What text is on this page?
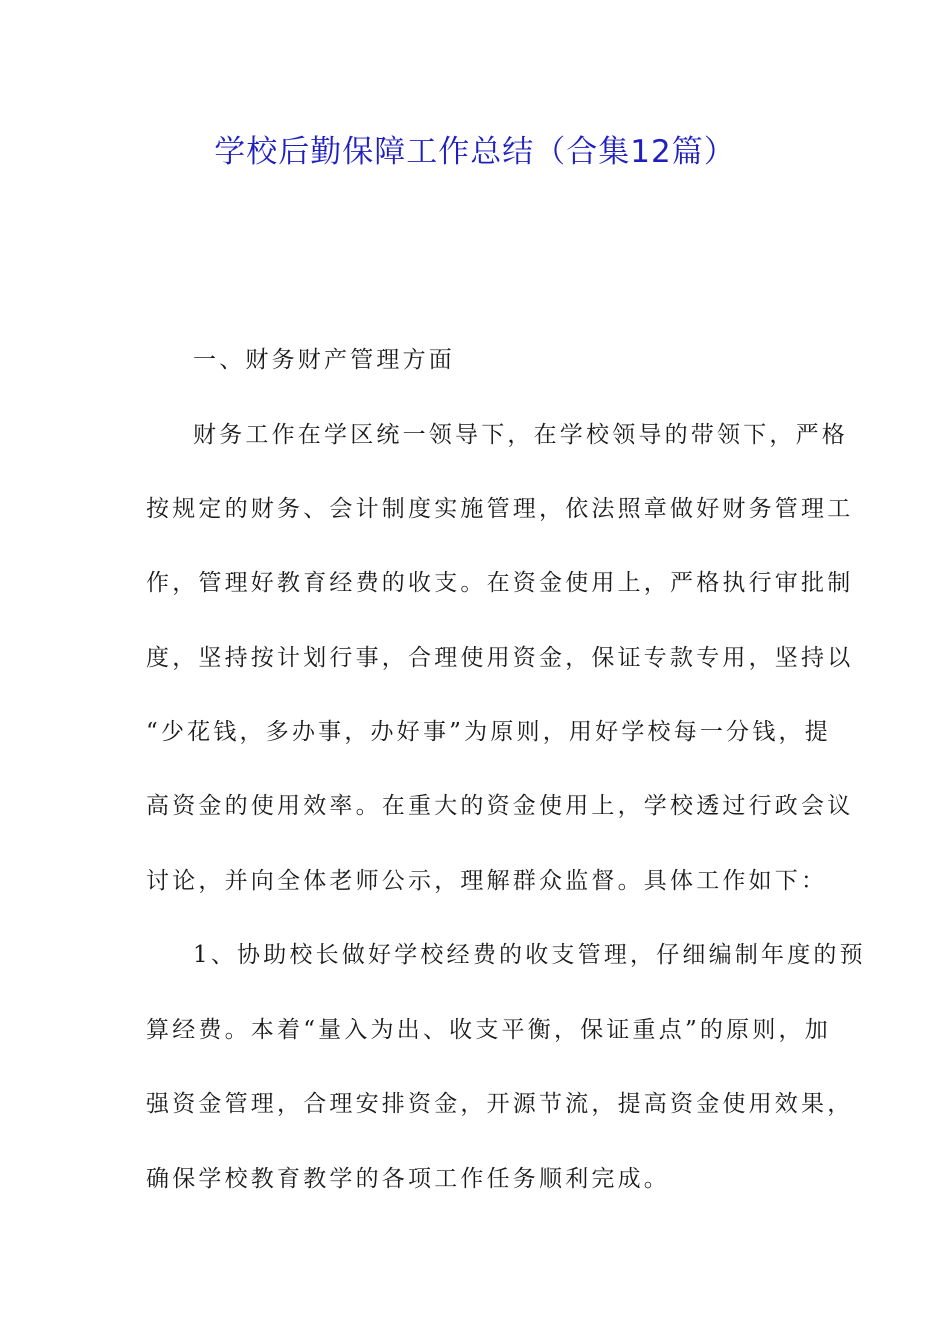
学校后勤保障工作总结（合集12篇）
一、财务财产管理方面
财务工作在学区统一领导下，在学校领导的带领下，严格
按规定的财务、会计制度实施管理，依法照章做好财务管理工
作，管理好教育经费的收支。在资金使用上，严格执行审批制
度，坚持按计划行事，合理使用资金，保证专款专用，坚持以
“少花钱，多办事，办好事”为原则，用好学校每一分钱，提
高资金的使用效率。在重大的资金使用上，学校透过行政会议
讨论，并向全体老师公示，理解群众监督。具体工作如下：
1、协助校长做好学校经费的收支管理，仔细编制年度的预
算经费。本着“量入为出、收支平衡，保证重点”的原则，加
强资金管理，合理安排资金，开源节流，提高资金使用效果，
确保学校教育教学的各项工作任务顺利完成。
